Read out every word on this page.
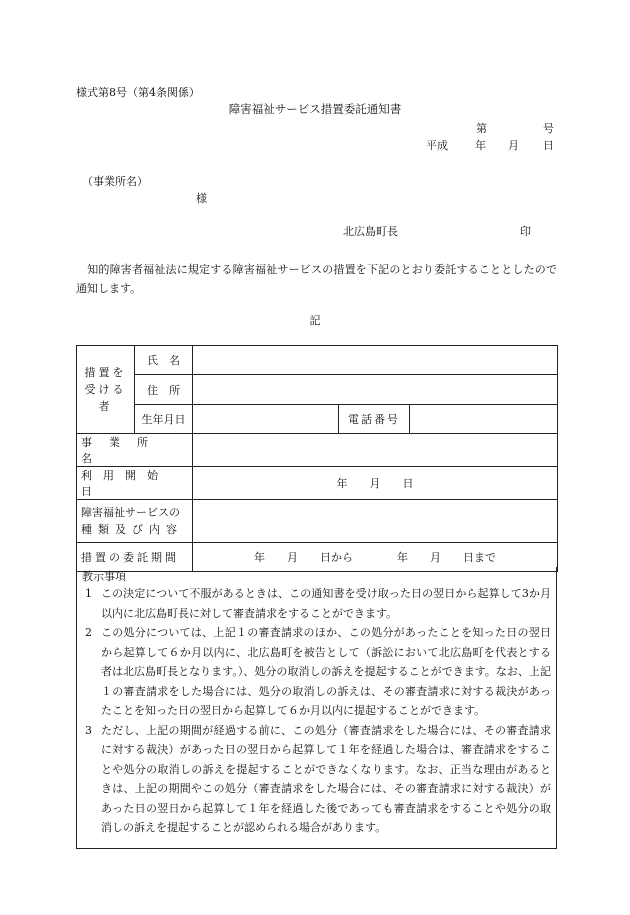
様式第8号（第4条関係）
障害福祉サービス措置委託通知書
第	号
平成 年 月 日
（事業所名）
様
北広島町長	印
　知的障害者福祉法に規定する障害福祉サービスの措置を下記のとおり委託することとしたので通知します。
記
措置を受ける者	氏　名			
	住　所			
	生年月日		電話番号	
事業所名				
利用開始日		年　　月　　日		

障害福祉サービスの
種類及び内容				

措置の委託期間		年　　月　　日から　　　　年　　月　　日まで		
教示事項
1 この決定について不服があるときは、この通知書を受け取った日の翌日から起算して3か月以内に北広島町長に対して審査請求をすることができます。
2 この処分については、上記１の審査請求のほか、この処分があったことを知った日の翌日から起算して６か月以内に、北広島町を被告として（訴訟において北広島町を代表とする者は北広島町長となります。）、処分の取消しの訴えを提起することができます。なお、上記１の審査請求をした場合には、処分の取消しの訴えは、その審査請求に対する裁決があったことを知った日の翌日から起算して６か月以内に提起することができます。
3 ただし、上記の期間が経過する前に、この処分（審査請求をした場合には、その審査請求に対する裁決）があった日の翌日から起算して１年を経過した場合は、審査請求をすることや処分の取消しの訴えを提起することができなくなります。なお、正当な理由があるときは、上記の期間やこの処分（審査請求をした場合には、その審査請求に対する裁決）があった日の翌日から起算して１年を経過した後であっても審査請求をすることや処分の取消しの訴えを提起することが認められる場合があります。
